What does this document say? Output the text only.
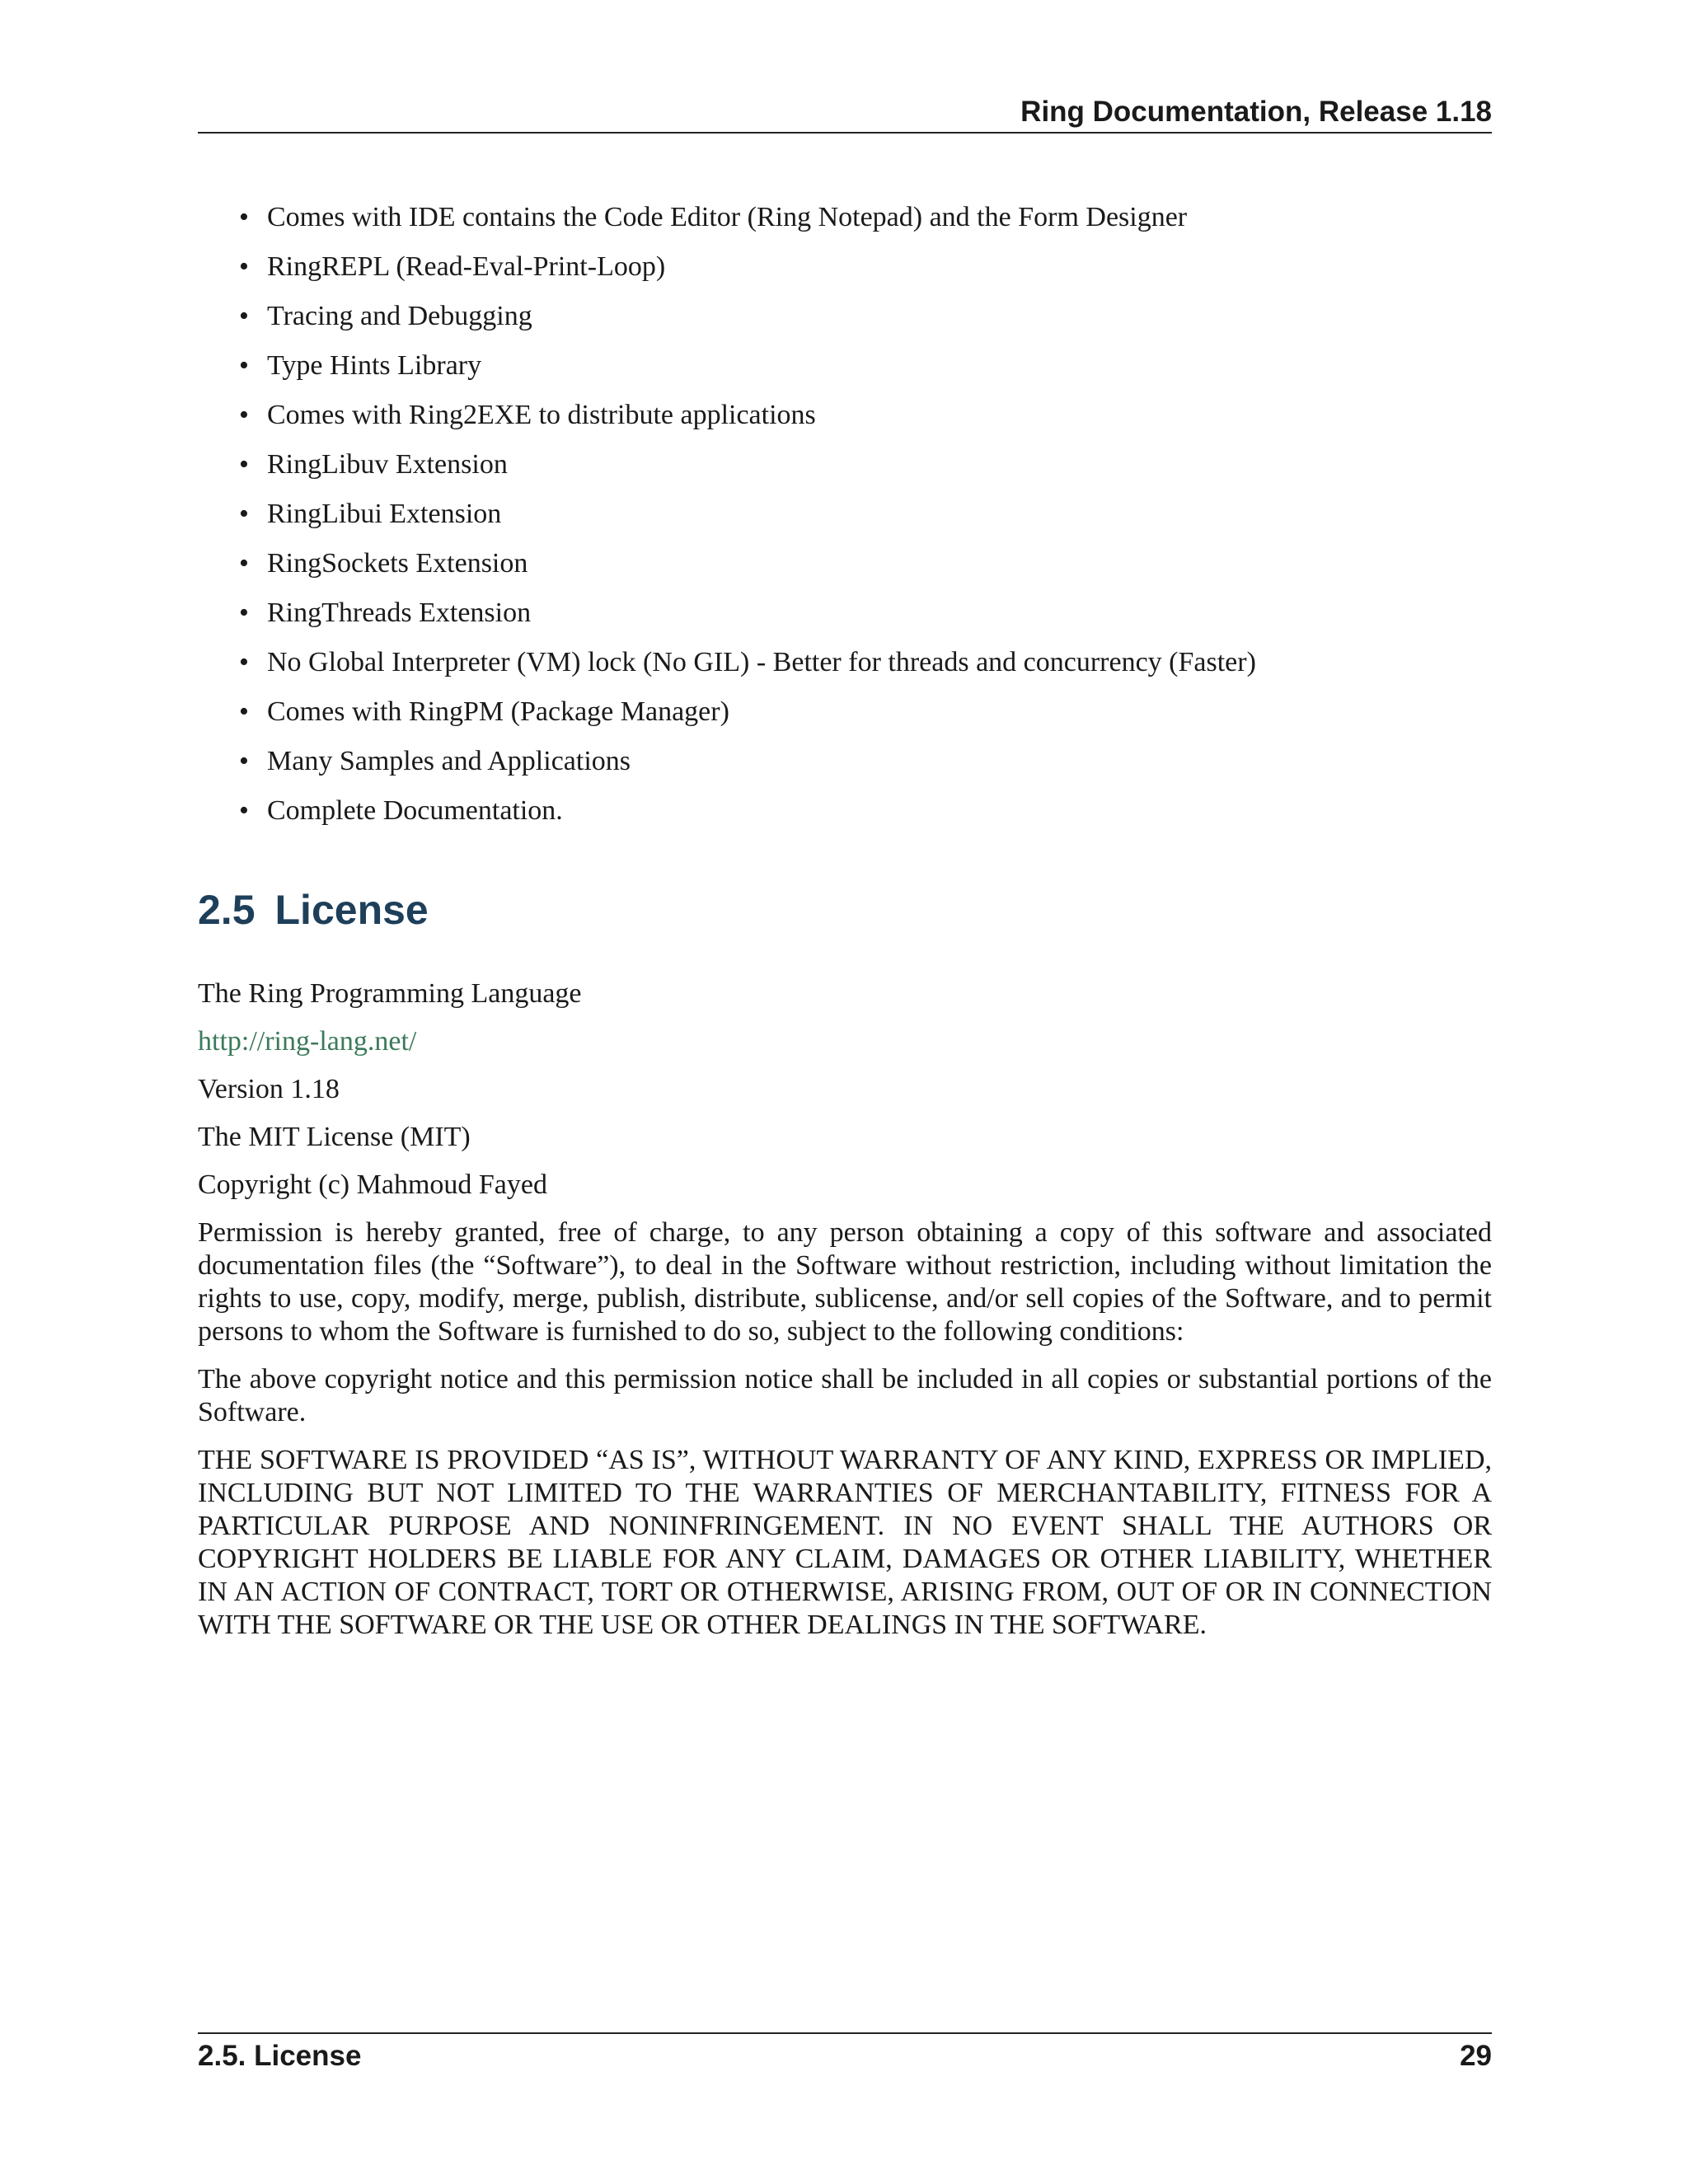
Ring Documentation, Release 1.18
• Comes with IDE contains the Code Editor (Ring Notepad) and the Form Designer
• RingREPL (Read-Eval-Print-Loop)
• Tracing and Debugging
• Type Hints Library
• Comes with Ring2EXE to distribute applications
• RingLibuv Extension
• RingLibui Extension
• RingSockets Extension
• RingThreads Extension
• No Global Interpreter (VM) lock (No GIL) - Better for threads and concurrency (Faster)
• Comes with RingPM (Package Manager)
• Many Samples and Applications
• Complete Documentation.
2.5 License

The Ring Programming Language

http://ring-lang.net/

Version 1.18

The MIT License (MIT)

Copyright (c) Mahmoud Fayed

Permission is hereby granted, free of charge, to any person obtaining a copy of this software and associated documentation files (the “Software”), to deal in the Software without restriction, including without limitation the rights to use, copy, modify, merge, publish, distribute, sublicense, and/or sell copies of the Software, and to permit persons to whom the Software is furnished to do so, subject to the following conditions:

The above copyright notice and this permission notice shall be included in all copies or substantial portions of the Software.

THE SOFTWARE IS PROVIDED “AS IS”, WITHOUT WARRANTY OF ANY KIND, EXPRESS OR IMPLIED, INCLUDING BUT NOT LIMITED TO THE WARRANTIES OF MERCHANTABILITY, FITNESS FOR A PARTICULAR PURPOSE AND NONINFRINGEMENT. IN NO EVENT SHALL THE AUTHORS OR COPYRIGHT HOLDERS BE LIABLE FOR ANY CLAIM, DAMAGES OR OTHER LIABILITY, WHETHER IN AN ACTION OF CONTRACT, TORT OR OTHERWISE, ARISING FROM, OUT OF OR IN CONNECTION WITH THE SOFTWARE OR THE USE OR OTHER DEALINGS IN THE SOFTWARE.

2.5. License	29
